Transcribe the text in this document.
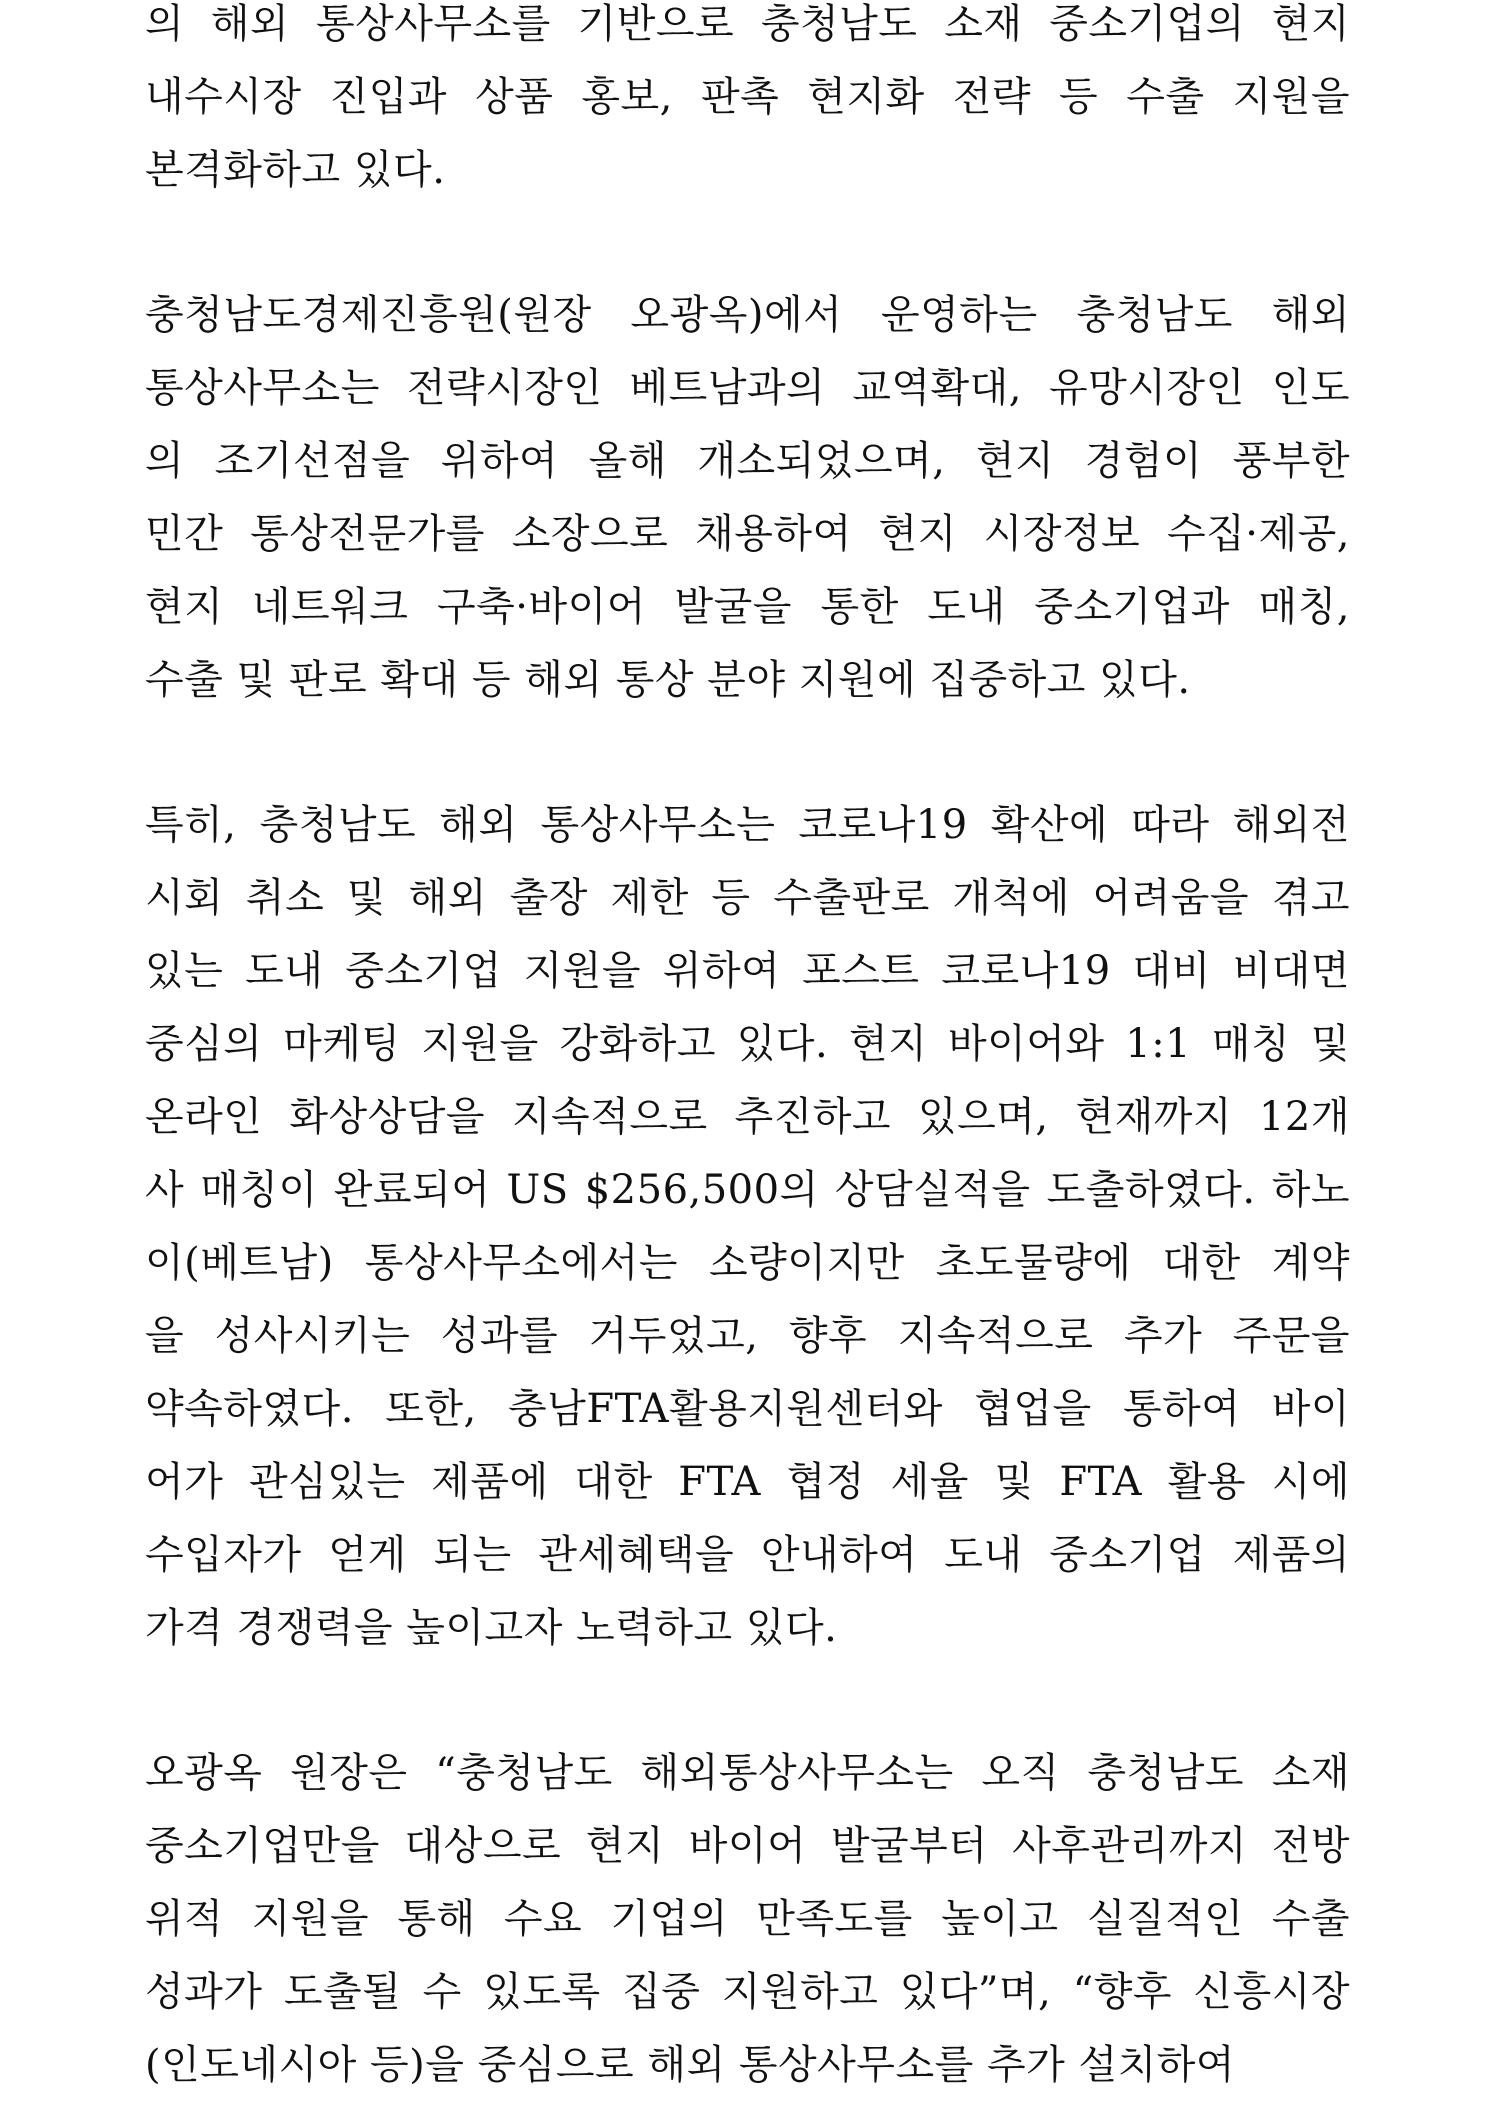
의 해외 통상사무소를 기반으로 충청남도 소재 중소기업의 현지
내수시장 진입과 상품 홍보, 판촉 현지화 전략 등 수출 지원을
본격화하고 있다.
충청남도경제진흥원(원장 오광옥)에서 운영하는 충청남도 해외
통상사무소는 전략시장인 베트남과의 교역확대, 유망시장인 인도
의 조기선점을 위하여 올해 개소되었으며, 현지 경험이 풍부한
민간 통상전문가를 소장으로 채용하여 현지 시장정보 수집·제공,
현지 네트워크 구축·바이어 발굴을 통한 도내 중소기업과 매칭,
수출 및 판로 확대 등 해외 통상 분야 지원에 집중하고 있다.
특히, 충청남도 해외 통상사무소는 코로나19 확산에 따라 해외전
시회 취소 및 해외 출장 제한 등 수출판로 개척에 어려움을 겪고
있는 도내 중소기업 지원을 위하여 포스트 코로나19 대비 비대면
중심의 마케팅 지원을 강화하고 있다. 현지 바이어와 1:1 매칭 및
온라인 화상상담을 지속적으로 추진하고 있으며, 현재까지 12개
사 매칭이 완료되어 US $256,500의 상담실적을 도출하였다. 하노
이(베트남) 통상사무소에서는 소량이지만 초도물량에 대한 계약
을 성사시키는 성과를 거두었고, 향후 지속적으로 추가 주문을
약속하였다. 또한, 충남FTA활용지원센터와 협업을 통하여 바이
어가 관심있는 제품에 대한 FTA 협정 세율 및 FTA 활용 시에
수입자가 얻게 되는 관세혜택을 안내하여 도내 중소기업 제품의
가격 경쟁력을 높이고자 노력하고 있다.
오광옥 원장은 “충청남도 해외통상사무소는 오직 충청남도 소재
중소기업만을 대상으로 현지 바이어 발굴부터 사후관리까지 전방
위적 지원을 통해 수요 기업의 만족도를 높이고 실질적인 수출
성과가 도출될 수 있도록 집중 지원하고 있다”며, “향후 신흥시장
(인도네시아 등)을 중심으로 해외 통상사무소를 추가 설치하여
